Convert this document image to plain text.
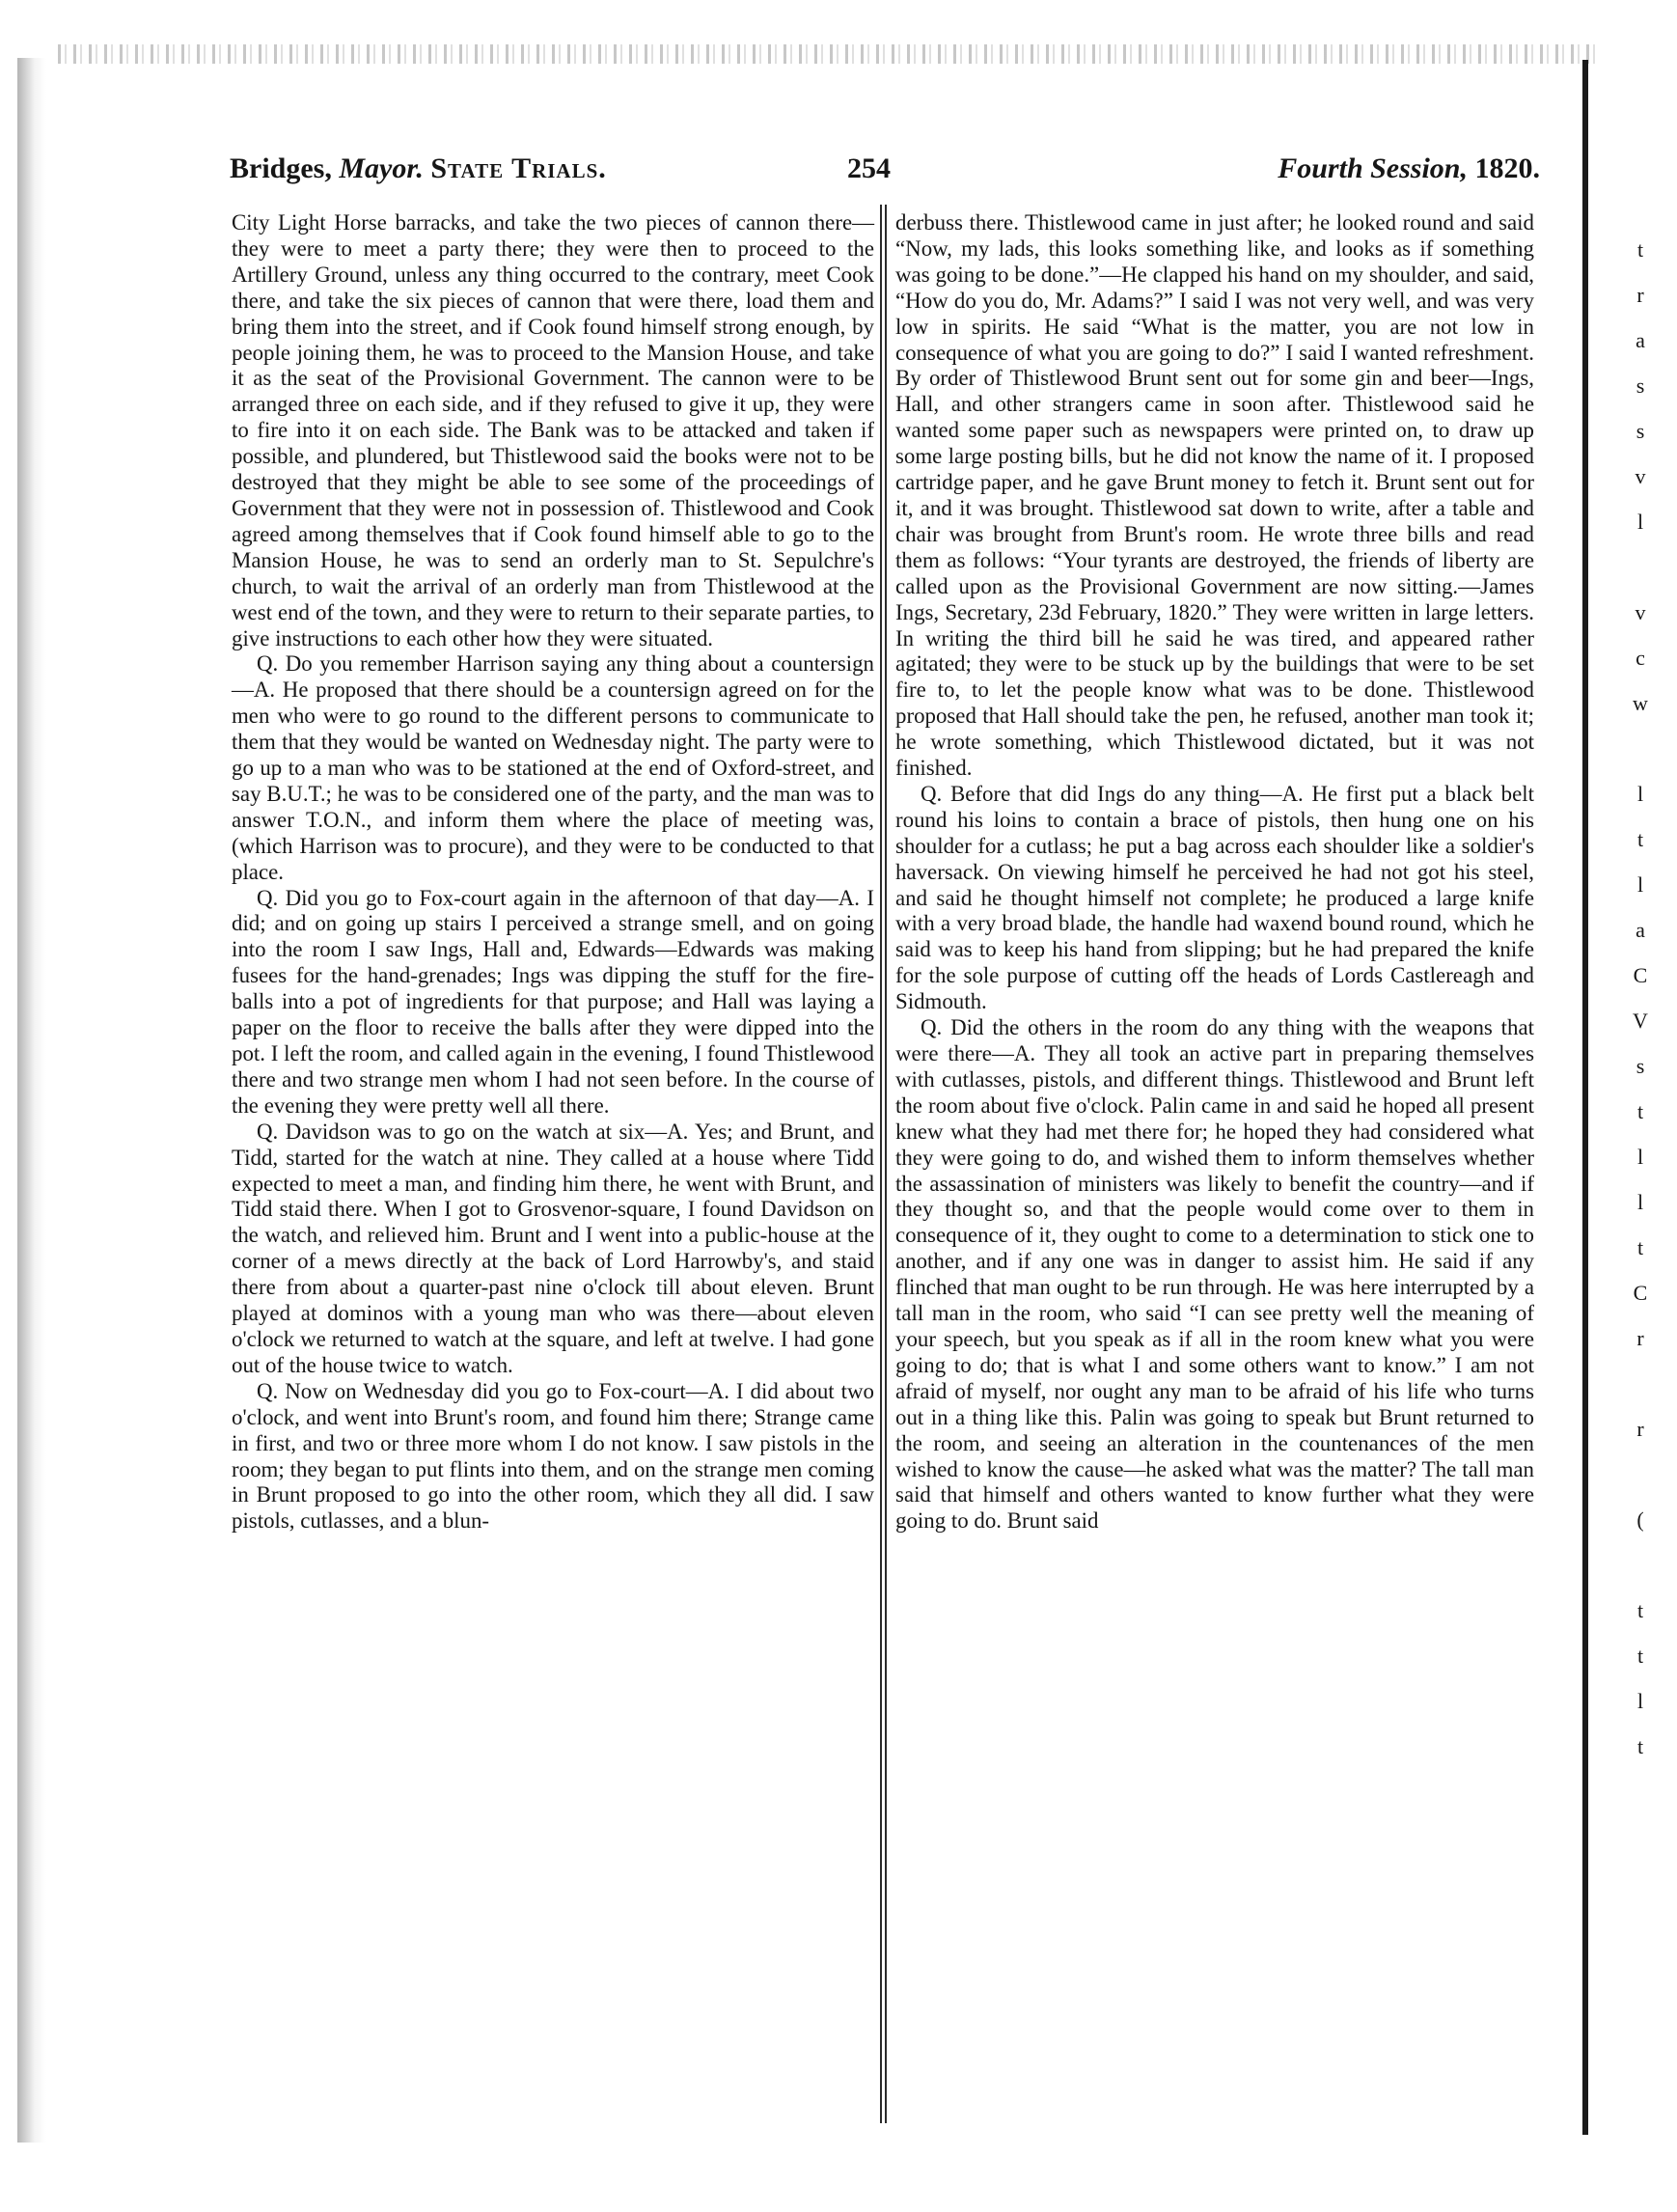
Bridges, Mayor. State Trials.	254	Fourth Session, 1820.

City Light Horse barracks, and take the two pieces of cannon there—they were to meet a party there; they were then to proceed to the Artillery Ground, unless any thing occurred to the contrary, meet Cook there, and take the six pieces of cannon that were there, load them and bring them into the street, and if Cook found himself strong enough, by people joining them, he was to proceed to the Mansion House, and take it as the seat of the Provisional Government. The cannon were to be arranged three on each side, and if they refused to give it up, they were to fire into it on each side. The Bank was to be attacked and taken if possible, and plundered, but Thistlewood said the books were not to be destroyed that they might be able to see some of the proceedings of Government that they were not in possession of. Thistlewood and Cook agreed among themselves that if Cook found himself able to go to the Mansion House, he was to send an orderly man to St. Sepulchre's church, to wait the arrival of an orderly man from Thistlewood at the west end of the town, and they were to return to their separate parties, to give instructions to each other how they were situated.

Q. Do you remember Harrison saying any thing about a countersign—A. He proposed that there should be a countersign agreed on for the men who were to go round to the different persons to communicate to them that they would be wanted on Wednesday night. The party were to go up to a man who was to be stationed at the end of Oxford-street, and say B.U.T.; he was to be considered one of the party, and the man was to answer T.O.N., and inform them where the place of meeting was, (which Harrison was to procure), and they were to be conducted to that place.

Q. Did you go to Fox-court again in the afternoon of that day—A. I did; and on going up stairs I perceived a strange smell, and on going into the room I saw Ings, Hall and, Edwards—Edwards was making fusees for the hand-grenades; Ings was dipping the stuff for the fire-balls into a pot of ingredients for that purpose; and Hall was laying a paper on the floor to receive the balls after they were dipped into the pot. I left the room, and called again in the evening, I found Thistlewood there and two strange men whom I had not seen before. In the course of the evening they were pretty well all there.

Q. Davidson was to go on the watch at six—A. Yes; and Brunt, and Tidd, started for the watch at nine. They called at a house where Tidd expected to meet a man, and finding him there, he went with Brunt, and Tidd staid there. When I got to Grosvenor-square, I found Davidson on the watch, and relieved him. Brunt and I went into a public-house at the corner of a mews directly at the back of Lord Harrowby's, and staid there from about a quarter-past nine o'clock till about eleven. Brunt played at dominos with a young man who was there—about eleven o'clock we returned to watch at the square, and left at twelve. I had gone out of the house twice to watch.

Q. Now on Wednesday did you go to Fox-court—A. I did about two o'clock, and went into Brunt's room, and found him there; Strange came in first, and two or three more whom I do not know. I saw pistols in the room; they began to put flints into them, and on the strange men coming in Brunt proposed to go into the other room, which they all did. I saw pistols, cutlasses, and a blun-

derbuss there. Thistlewood came in just after; he looked round and said “Now, my lads, this looks something like, and looks as if something was going to be done.”—He clapped his hand on my shoulder, and said, “How do you do, Mr. Adams?” I said I was not very well, and was very low in spirits. He said “What is the matter, you are not low in consequence of what you are going to do?” I said I wanted refreshment. By order of Thistlewood Brunt sent out for some gin and beer—Ings, Hall, and other strangers came in soon after. Thistlewood said he wanted some paper such as newspapers were printed on, to draw up some large posting bills, but he did not know the name of it. I proposed cartridge paper, and he gave Brunt money to fetch it. Brunt sent out for it, and it was brought. Thistlewood sat down to write, after a table and chair was brought from Brunt's room. He wrote three bills and read them as follows: “Your tyrants are destroyed, the friends of liberty are called upon as the Provisional Government are now sitting.—James Ings, Secretary, 23d February, 1820.” They were written in large letters. In writing the third bill he said he was tired, and appeared rather agitated; they were to be stuck up by the buildings that were to be set fire to, to let the people know what was to be done. Thistlewood proposed that Hall should take the pen, he refused, another man took it; he wrote something, which Thistlewood dictated, but it was not finished.

Q. Before that did Ings do any thing—A. He first put a black belt round his loins to contain a brace of pistols, then hung one on his shoulder for a cutlass; he put a bag across each shoulder like a soldier's haversack. On viewing himself he perceived he had not got his steel, and said he thought himself not complete; he produced a large knife with a very broad blade, the handle had waxend bound round, which he said was to keep his hand from slipping; but he had prepared the knife for the sole purpose of cutting off the heads of Lords Castlereagh and Sidmouth.

Q. Did the others in the room do any thing with the weapons that were there—A. They all took an active part in preparing themselves with cutlasses, pistols, and different things. Thistlewood and Brunt left the room about five o'clock. Palin came in and said he hoped all present knew what they had met there for; he hoped they had considered what they were going to do, and wished them to inform themselves whether the assassination of ministers was likely to benefit the country—and if they thought so, and that the people would come over to them in consequence of it, they ought to come to a determination to stick one to another, and if any one was in danger to assist him. He said if any flinched that man ought to be run through. He was here interrupted by a tall man in the room, who said “I can see pretty well the meaning of your speech, but you speak as if all in the room knew what you were going to do; that is what I and some others want to know.” I am not afraid of myself, nor ought any man to be afraid of his life who turns out in a thing like this. Palin was going to speak but Brunt returned to the room, and seeing an alteration in the countenances of the men wished to know the cause—he asked what was the matter? The tall man said that himself and others wanted to know further what they were going to do. Brunt said

t
r
a
s
s
v
l

v
c
w

l
t
l
a
C
V
s
t
l
l
t
C
r

r

(

t
t
l
t
